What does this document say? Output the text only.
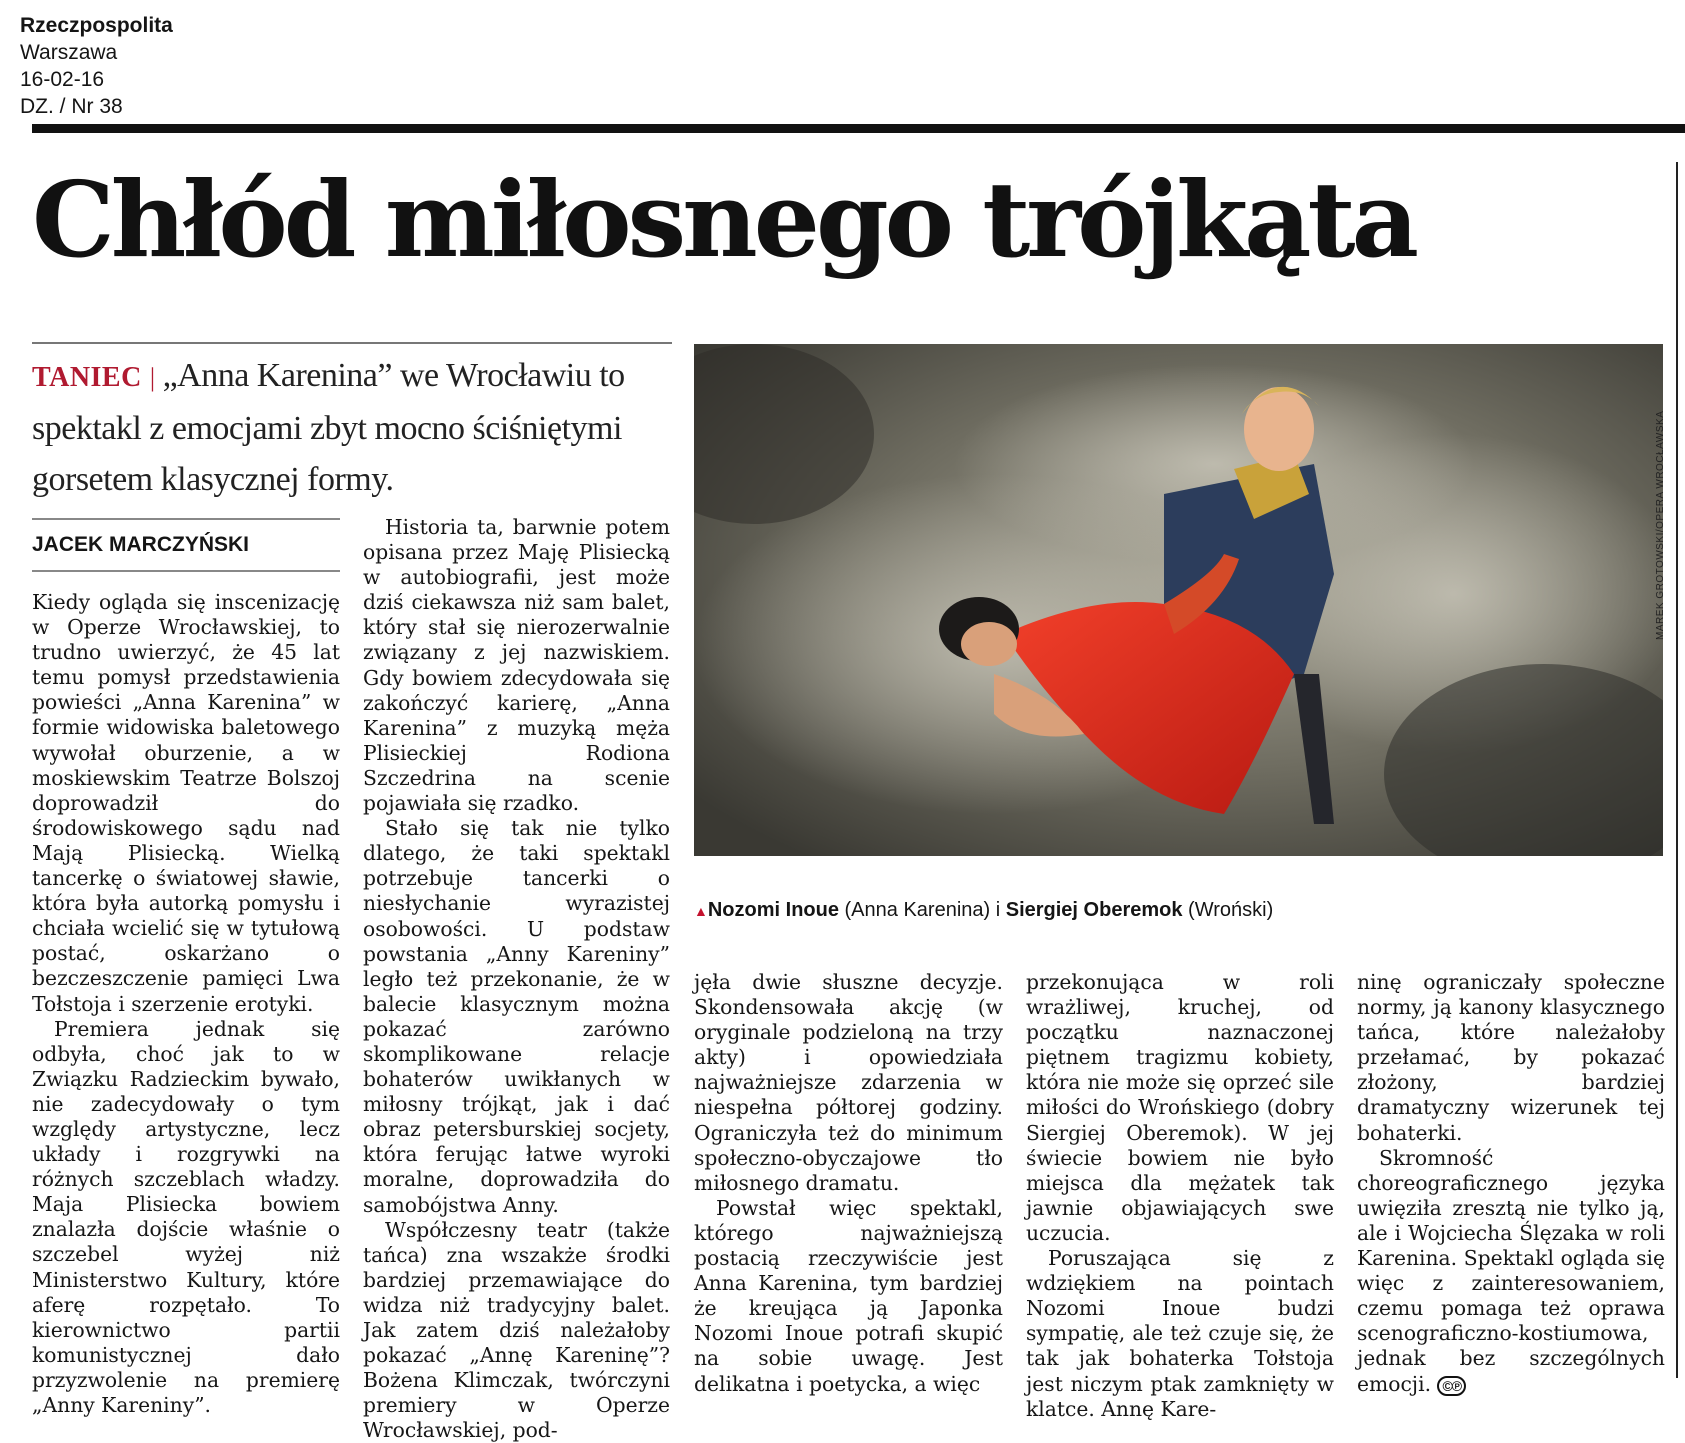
Rzeczpospolita
Warszawa
16-02-16
DZ. / Nr 38
Chłód miłosnego trójkąta
TANIEC | „Anna Karenina” we Wrocławiu to spektakl z emocjami zbyt mocno ściśniętymi gorsetem klasycznej formy.
JACEK MARCZYŃSKI

Kiedy ogląda się inscenizację w Operze Wrocławskiej, to trudno uwierzyć, że 45 lat temu pomysł przedstawienia powieści „Anna Karenina” w formie widowiska baletowego wywołał oburzenie, a w moskiewskim Teatrze Bolszoj doprowadził do środowiskowego sądu nad Mają Plisiecką. Wielką tancerkę o światowej sławie, która była autorką pomysłu i chciała wcielić się w tytułową postać, oskarżano o bezczeszczenie pamięci Lwa Tołstoja i szerzenie erotyki.

Premiera jednak się odbyła, choć jak to w Związku Radzieckim bywało, nie zadecydowały o tym względy artystyczne, lecz układy i rozgrywki na różnych szczeblach władzy. Maja Plisiecka bowiem znalazła dojście właśnie o szczebel wyżej niż Ministerstwo Kultury, które aferę rozpętało. To kierownictwo partii komunistycznej dało przyzwolenie na premierę „Anny Kareniny”.

Historia ta, barwnie potem opisana przez Maję Plisiecką w autobiografii, jest może dziś ciekawsza niż sam balet, który stał się nierozerwalnie związany z jej nazwiskiem. Gdy bowiem zdecydowała się zakończyć karierę, „Anna Karenina” z muzyką męża Plisieckiej Rodiona Szczedrina na scenie pojawiała się rzadko.

Stało się tak nie tylko dlatego, że taki spektakl potrzebuje tancerki o niesłychanie wyrazistej osobowości. U podstaw powstania „Anny Kareniny” legło też przekonanie, że w balecie klasycznym można pokazać zarówno skomplikowane relacje bohaterów uwikłanych w miłosny trójkąt, jak i dać obraz petersburskiej socjety, która ferując łatwe wyroki moralne, doprowadziła do samobójstwa Anny.

Współczesny teatr (także tańca) zna wszakże środki bardziej przemawiające do widza niż tradycyjny balet. Jak zatem dziś należałoby pokazać „Annę Kareninę”? Bożena Klimczak, twórczyni premiery w Operze Wrocławskiej, pod-

MAREK GROTOWSKI/OPERA WROCŁAWSKA
▲Nozomi Inoue (Anna Karenina) i Siergiej Oberemok (Wroński)

jęła dwie słuszne decyzje. Skondensowała akcję (w oryginale podzieloną na trzy akty) i opowiedziała najważniejsze zdarzenia w niespełna półtorej godziny. Ograniczyła też do minimum społeczno-obyczajowe tło miłosnego dramatu.

Powstał więc spektakl, którego najważniejszą postacią rzeczywiście jest Anna Karenina, tym bardziej że kreująca ją Japonka Nozomi Inoue potrafi skupić na sobie uwagę. Jest delikatna i poetycka, a więc

przekonująca w roli wrażliwej, kruchej, od początku naznaczonej piętnem tragizmu kobiety, która nie może się oprzeć sile miłości do Wrońskiego (dobry Siergiej Oberemok). W jej świecie bowiem nie było miejsca dla mężatek tak jawnie objawiających swe uczucia.

Poruszająca się z wdziękiem na pointach Nozomi Inoue budzi sympatię, ale też czuje się, że tak jak bohaterka Tołstoja jest niczym ptak zamknięty w klatce. Annę Kare-

ninę ograniczały społeczne normy, ją kanony klasycznego tańca, które należałoby przełamać, by pokazać złożony, bardziej dramatyczny wizerunek tej bohaterki.

Skromność choreograficznego języka uwięziła zresztą nie tylko ją, ale i Wojciecha Ślęzaka w roli Karenina. Spektakl ogląda się więc z zainteresowaniem, czemu pomaga też oprawa scenograficzno-kostiumowa, jednak bez szczególnych emocji. ©℗
